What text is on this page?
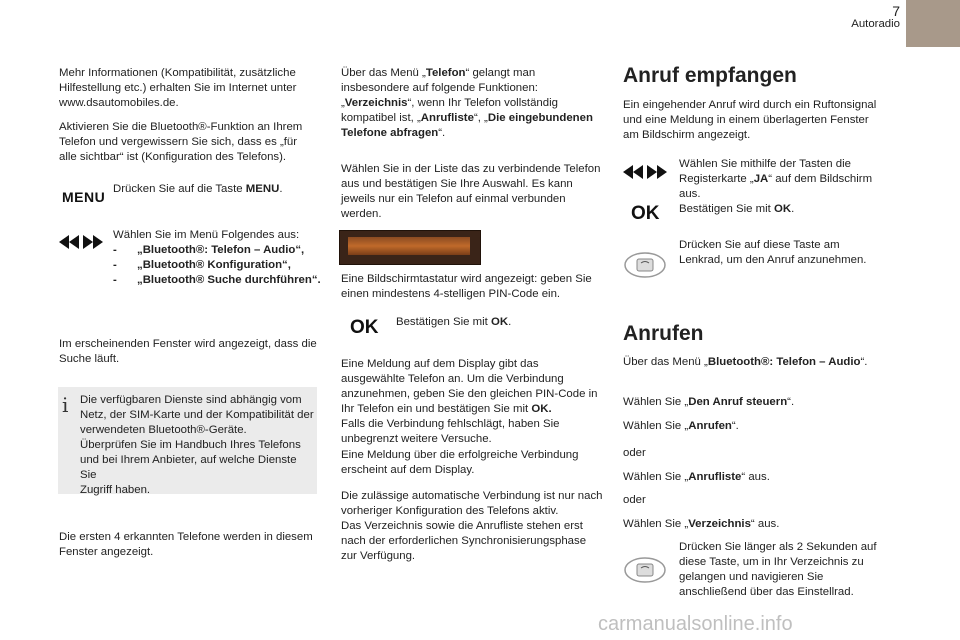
7
Autoradio

Mehr Informationen (Kompatibilität, zusätzliche Hilfestellung etc.) erhalten Sie im Internet unter www.dsautomobiles.de.

Aktivieren Sie die Bluetooth®-Funktion an Ihrem Telefon und vergewissern Sie sich, dass es „für alle sichtbar“ ist (Konfiguration des Telefons).

MENU Drücken Sie auf die Taste MENU.

Wählen Sie im Menü Folgendes aus:

- „Bluetooth®: Telefon – Audio“,
- „Bluetooth® Konfiguration“,
- „Bluetooth® Suche durchführen“.

Im erscheinenden Fenster wird angezeigt, dass die Suche läuft.

i Die verfügbaren Dienste sind abhängig vom

Netz, der SIM-Karte und der Kompatibilität der

verwendeten Bluetooth®-Geräte.

Überprüfen Sie im Handbuch Ihres Telefons

und bei Ihrem Anbieter, auf welche Dienste Sie

Zugriff haben.

Die ersten 4 erkannten Telefone werden in diesem Fenster angezeigt.

Über das Menü „Telefon“ gelangt man

insbesondere auf folgende Funktionen:

„Verzeichnis“, wenn Ihr Telefon vollständig

kompatibel ist, „Anrufliste“, „Die eingebundenen

Telefone abfragen“.

Wählen Sie in der Liste das zu verbindende Telefon aus und bestätigen Sie Ihre Auswahl. Es kann jeweils nur ein Telefon auf einmal verbunden werden.

Eine Bildschirmtastatur wird angezeigt: geben Sie einen mindestens 4-stelligen PIN-Code ein.

OK Bestätigen Sie mit OK.

Eine Meldung auf dem Display gibt das ausgewählte Telefon an. Um die Verbindung anzunehmen, geben Sie den gleichen PIN-Code in Ihr Telefon ein und bestätigen Sie mit OK.

Falls die Verbindung fehlschlägt, haben Sie unbegrenzt weitere Versuche.

Eine Meldung über die erfolgreiche Verbindung erscheint auf dem Display.

Die zulässige automatische Verbindung ist nur nach vorheriger Konfiguration des Telefons aktiv.

Das Verzeichnis sowie die Anrufliste stehen erst nach der erforderlichen Synchronisierungsphase zur Verfügung.

Anruf empfangen

Ein eingehender Anruf wird durch ein Ruftonsignal und eine Meldung in einem überlagerten Fenster am Bildschirm angezeigt.

Wählen Sie mithilfe der Tasten die Registerkarte „JA“ auf dem Bildschirm aus.

Bestätigen Sie mit OK.

OK

Drücken Sie auf diese Taste am Lenkrad, um den Anruf anzunehmen.

Anrufen

Über das Menü „Bluetooth®: Telefon – Audio“.

Wählen Sie „Den Anruf steuern“.

Wählen Sie „Anrufen“.

oder

Wählen Sie „Anrufliste“ aus.

oder

Wählen Sie „Verzeichnis“ aus.

Drücken Sie länger als 2 Sekunden auf diese Taste, um in Ihr Verzeichnis zu gelangen und navigieren Sie anschließend über das Einstellrad.

carmanualsonline.info
